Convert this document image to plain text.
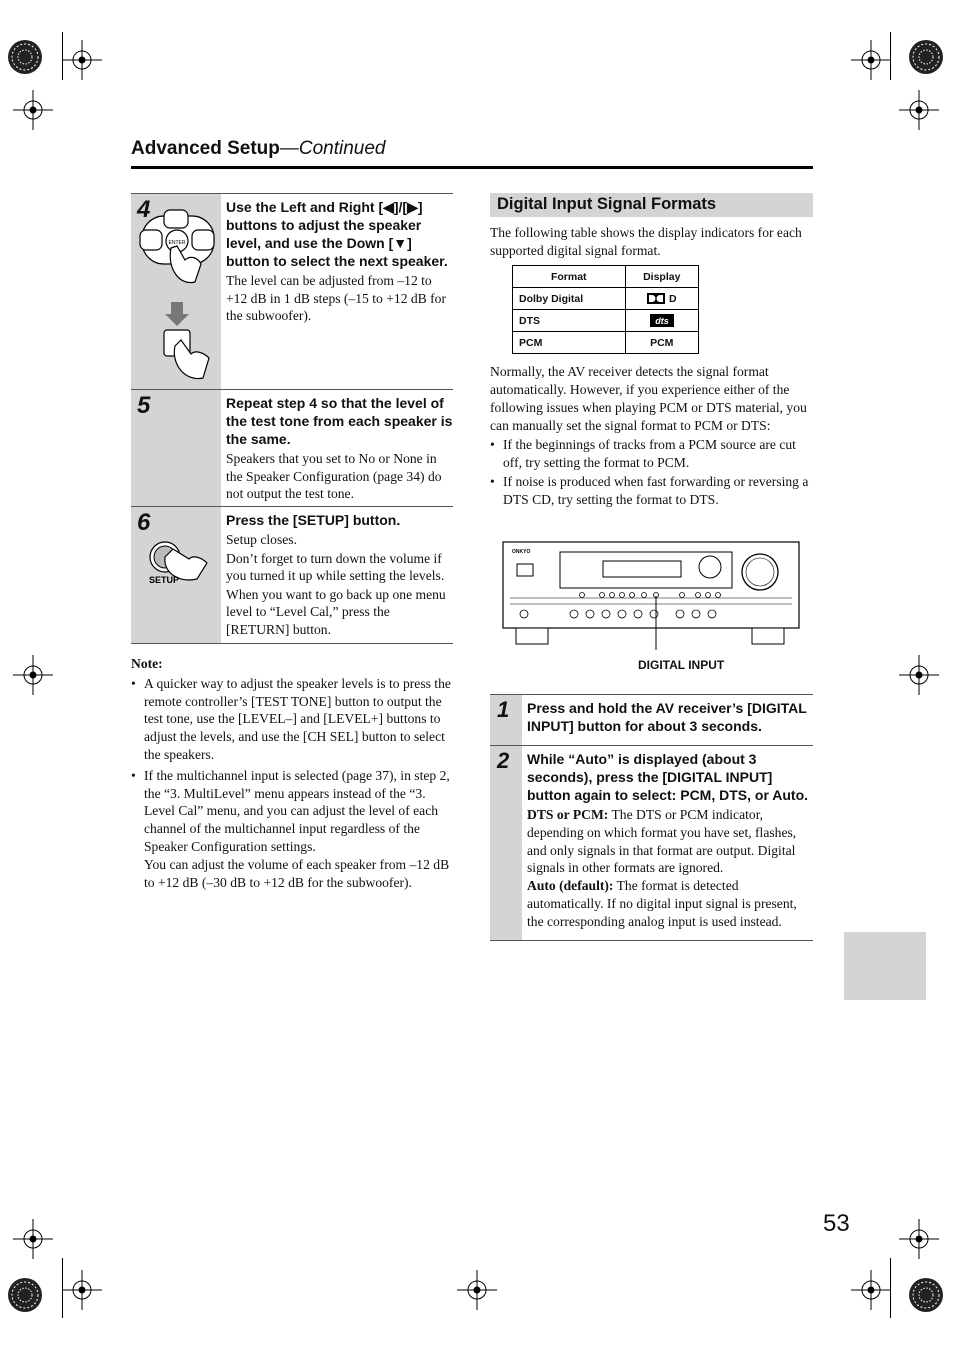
Advanced Setup—Continued
4
ENTER
Use the Left and Right [◀]/[▶] buttons to adjust the speaker level, and use the Down [▼] button to select the next speaker.

The level can be adjusted from –12 to +12 dB in 1 dB steps (–15 to +12 dB for the subwoofer).

5	Repeat step 4 so that the level of the test tone from each speaker is the same.

Speakers that you set to No or None in the Speaker Configuration (page 34) do not output the test tone.

6
SETUP
Press the [SETUP] button.

Setup closes.

Don’t forget to turn down the volume if you turned it up while setting the levels.

When you want to go back up one menu level to “Level Cal,” press the [RETURN] button.

Note:
• A quicker way to adjust the speaker levels is to press the remote controller’s [TEST TONE] button to output the test tone, use the [LEVEL–] and [LEVEL+] buttons to adjust the levels, and use the [CH SEL] button to select the speakers.
• If the multichannel input is selected (page 37), in step 2, the “3. MultiLevel” menu appears instead of the “3. Level Cal” menu, and you can adjust the level of each channel of the multichannel input regardless of the Speaker Configuration settings.
You can adjust the volume of each speaker from –12 dB to +12 dB (–30 dB to +12 dB for the subwoofer).
Digital Input Signal Formats
The following table shows the display indicators for each supported digital signal format.
Format	Display
Dolby Digital	D
DTS	dts

PCM	PCM

Normally, the AV receiver detects the signal format automatically. However, if you experience either of the following issues when playing PCM or DTS material, you can manually set the signal format to PCM or DTS:

• If the beginnings of tracks from a PCM source are cut off, try setting the format to PCM.
• If noise is produced when fast forwarding or reversing a DTS CD, try setting the format to DTS.
ONKYO
DIGITAL INPUT
1 Press and hold the AV receiver’s [DIGITAL INPUT] button for about 3 seconds.
2 While “Auto” is displayed (about 3 seconds), press the [DIGITAL INPUT] button again to select: PCM, DTS, or Auto.

DTS or PCM: The DTS or PCM indicator, depending on which format you have set, flashes, and only signals in that format are output. Digital signals in other formats are ignored.

Auto (default): The format is detected automatically. If no digital input signal is present, the corresponding analog input is used instead.

53
